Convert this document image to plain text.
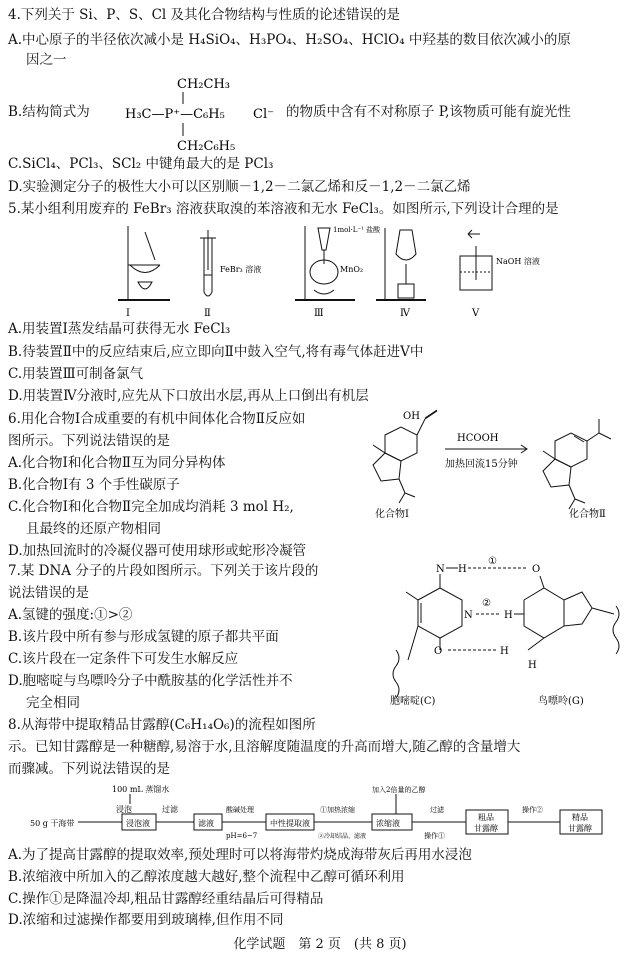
4.下列关于 Si、P、S、Cl 及其化合物结构与性质的论述错误的是
A.中心原子的半径依次减小是 H₄SiO₄、H₃PO₄、H₂SO₄、HClO₄ 中羟基的数目依次减小的原
因之一
B.结构简式为
CH₂CH₃
H₃C—P⁺—C₆H₅
CH₂C₆H₅
Cl⁻ 的物质中含有不对称原子 P,该物质可能有旋光性
C.SiCl₄、PCl₃、SCl₂ 中键角最大的是 PCl₃
D.实验测定分子的极性大小可以区别顺－1,2－二氯乙烯和反－1,2－二氯乙烯
5.某小组利用废弃的 FeBr₃ 溶液获取溴的苯溶液和无水 FeCl₃。如图所示,下列设计合理的是
Ⅰ
FeBr₃ 溶液
Ⅱ
1mol·L⁻¹ 盐酸
MnO₂
Ⅲ	Ⅳ
NaOH 溶液
Ⅴ
A.用装置Ⅰ蒸发结晶可获得无水 FeCl₃
B.待装置Ⅱ中的反应结束后,应立即向Ⅱ中鼓入空气,将有毒气体赶进Ⅴ中
C.用装置Ⅲ可制备氯气
D.用装置Ⅳ分液时,应先从下口放出水层,再从上口倒出有机层
6.用化合物Ⅰ合成重要的有机中间体化合物Ⅱ反应如
图所示。下列说法错误的是
A.化合物Ⅰ和化合物Ⅱ互为同分异构体
B.化合物Ⅰ有 3 个手性碳原子
C.化合物Ⅰ和化合物Ⅱ完全加成均消耗 3 mol H₂,
且最终的还原产物相同
D.加热回流时的冷凝仪器可使用球形或蛇形冷凝管
OH
化合物Ⅰ
HCOOH
加热回流15分钟
化合物Ⅱ
7.某 DNA 分子的片段如图所示。下列关于该片段的
说法错误的是
A.氢键的强度:①>②
B.该片段中所有参与形成氢键的原子都共平面
C.该片段在一定条件下可发生水解反应
D.胞嘧啶与鸟嘌呤分子中酰胺基的化学活性并不
完全相同
N H
N
O
胞嘧啶(C)
①
②
H
H
O
H
鸟嘌呤(G)
8.从海带中提取精品甘露醇(C₆H₁₄O₆)的流程如图所
示。已知甘露醇是一种糖醇,易溶于水,且溶解度随温度的升高而增大,随乙醇的含量增大
而骤减。下列说法错误的是
100 mL 蒸馏水
浸泡
50 g 干海带	浸泡液
过滤
滤液
酸碱处理
pH=6~7
中性提取液
①加热浓缩
②冷却结晶、滤液
加入2倍量的乙醇
浓缩液
过滤
操作①
粗品
甘露醇
操作②
精品
甘露醇
A.为了提高甘露醇的提取效率,预处理时可以将海带灼烧成海带灰后再用水浸泡
B.浓缩液中所加入的乙醇浓度越大越好,整个流程中乙醇可循环利用
C.操作①是降温冷却,粗品甘露醇经重结晶后可得精品
D.浓缩和过滤操作都要用到玻璃棒,但作用不同
化学试题　第 2 页　(共 8 页)
